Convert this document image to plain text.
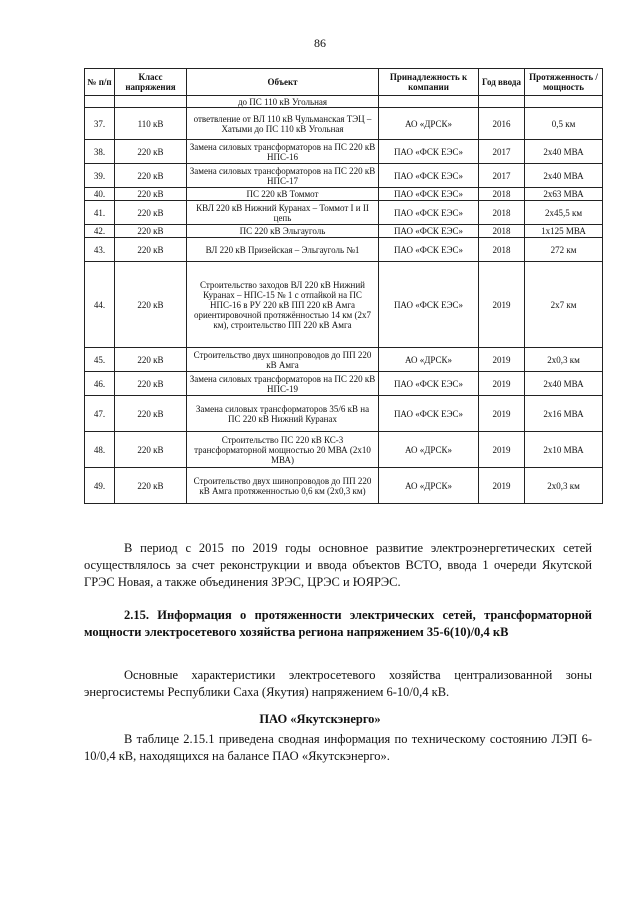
86
№ п/п	Класс напряжения	Объект	Принадлежность к компании	Год ввода	Протяженность / мощность
		до ПС 110 кВ Угольная			
37.	110 кВ	ответвление от ВЛ 110 кВ Чульманская ТЭЦ – Хатыми до ПС 110 кВ Угольная	АО «ДРСК»	2016	0,5 км
38.	220 кВ	Замена силовых трансформаторов на ПС 220 кВ НПС-16	ПАО «ФСК ЕЭС»	2017	2х40 МВА
39.	220 кВ	Замена силовых трансформаторов на ПС 220 кВ НПС-17	ПАО «ФСК ЕЭС»	2017	2х40 МВА
40.	220 кВ	ПС 220 кВ Томмот	ПАО «ФСК ЕЭС»	2018	2х63 МВА
41.	220 кВ	КВЛ 220 кВ Нижний Куранах – Томмот I и II цепь	ПАО «ФСК ЕЭС»	2018	2х45,5 км
42.	220 кВ	ПС 220 кВ Эльгауголь	ПАО «ФСК ЕЭС»	2018	1х125 МВА
43.	220 кВ	ВЛ 220 кВ Призейская – Эльгауголь №1	ПАО «ФСК ЕЭС»	2018	272 км
44.	220 кВ	Строительство заходов ВЛ 220 кВ Нижний Куранах – НПС-15 № 1 с отпайкой на ПС НПС-16 в РУ 220 кВ ПП 220 кВ Амга ориентировочной протяжённостью 14 км (2х7 км), строительство ПП 220 кВ Амга	ПАО «ФСК ЕЭС»	2019	2х7 км
45.	220 кВ	Строительство двух шинопроводов до ПП 220 кВ Амга	АО «ДРСК»	2019	2х0,3 км
46.	220 кВ	Замена силовых трансформаторов на ПС 220 кВ НПС-19	ПАО «ФСК ЕЭС»	2019	2х40 МВА
47.	220 кВ	Замена силовых трансформаторов 35/6 кВ на ПС 220 кВ Нижний Куранах	ПАО «ФСК ЕЭС»	2019	2х16 МВА
48.	220 кВ	Строительство ПС 220 кВ КС-3 трансформаторной мощностью 20 МВА (2х10 МВА)	АО «ДРСК»	2019	2х10 МВА
49.	220 кВ	Строительство двух шинопроводов до ПП 220 кВ Амга протяженностью 0,6 км (2х0,3 км)	АО «ДРСК»	2019	2х0,3 км
В период с 2015 по 2019 годы основное развитие электроэнергетических сетей осуществлялось за счет реконструкции и ввода объектов ВСТО, ввода 1 очереди Якутской ГРЭС Новая, а также объединения ЗРЭС, ЦРЭС и ЮЯРЭС.
2.15. Информация о протяженности электрических сетей, трансформаторной мощности электросетевого хозяйства региона напряжением 35-6(10)/0,4 кВ
Основные характеристики электросетевого хозяйства централизованной зоны энергосистемы Республики Саха (Якутия) напряжением 6-10/0,4 кВ.
ПАО «Якутскэнерго»
В таблице 2.15.1 приведена сводная информация по техническому состоянию ЛЭП 6-10/0,4 кВ, находящихся на балансе ПАО «Якутскэнерго».
